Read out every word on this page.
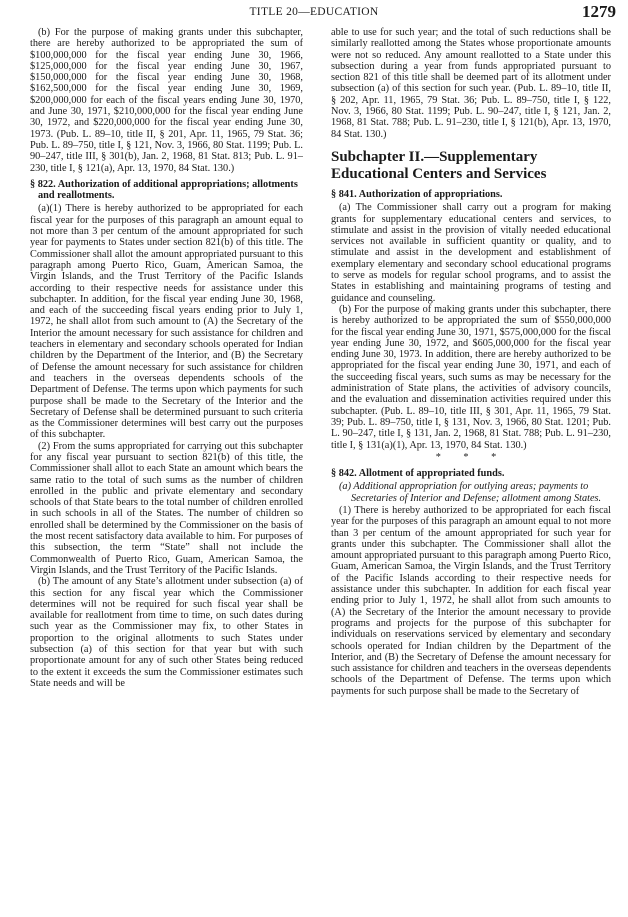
TITLE 20—EDUCATION	1279

(b) For the purpose of making grants under this subchapter, there are hereby authorized to be appropriated the sum of $100,000,000 for the fiscal year ending June 30, 1966, $125,000,000 for the fiscal year ending June 30, 1967, $150,000,000 for the fiscal year ending June 30, 1968, $162,500,000 for the fiscal year ending June 30, 1969, $200,000,000 for each of the fiscal years ending June 30, 1970, and June 30, 1971, $210,000,000 for the fiscal year ending June 30, 1972, and $220,000,000 for the fiscal year ending June 30, 1973. (Pub. L. 89–10, title II, § 201, Apr. 11, 1965, 79 Stat. 36; Pub. L. 89–750, title I, § 121, Nov. 3, 1966, 80 Stat. 1199; Pub. L. 90–247, title III, § 301(b), Jan. 2, 1968, 81 Stat. 813; Pub. L. 91–230, title I, § 121(a), Apr. 13, 1970, 84 Stat. 130.)

§ 822. Authorization of additional appropriations; allotments and reallotments.

(a)(1) There is hereby authorized to be appropriated for each fiscal year for the purposes of this paragraph an amount equal to not more than 3 per centum of the amount appropriated for such year for payments to States under section 821(b) of this title. The Commissioner shall allot the amount appropriated pursuant to this paragraph among Puerto Rico, Guam, American Samoa, the Virgin Islands, and the Trust Territory of the Pacific Islands according to their respective needs for assistance under this subchapter. In addition, for the fiscal year ending June 30, 1968, and each of the succeeding fiscal years ending prior to July 1, 1972, he shall allot from such amount to (A) the Secretary of the Interior the amount necessary for such assistance for children and teachers in elementary and secondary schools operated for Indian children by the Department of the Interior, and (B) the Secretary of Defense the amount necessary for such assistance for children and teachers in the overseas dependents schools of the Department of Defense. The terms upon which payments for such purpose shall be made to the Secretary of the Interior and the Secretary of Defense shall be determined pursuant to such criteria as the Commissioner determines will best carry out the purposes of this subchapter.

(2) From the sums appropriated for carrying out this subchapter for any fiscal year pursuant to section 821(b) of this title, the Commissioner shall allot to each State an amount which bears the same ratio to the total of such sums as the number of children enrolled in the public and private elementary and secondary schools of that State bears to the total number of children enrolled in such schools in all of the States. The number of children so enrolled shall be determined by the Commissioner on the basis of the most recent satisfactory data available to him. For purposes of this subsection, the term “State” shall not include the Commonwealth of Puerto Rico, Guam, American Samoa, the Virgin Islands, and the Trust Territory of the Pacific Islands.

(b) The amount of any State’s allotment under subsection (a) of this section for any fiscal year which the Commissioner determines will not be required for such fiscal year shall be available for reallotment from time to time, on such dates during such year as the Commissioner may fix, to other States in proportion to the original allotments to such States under subsection (a) of this section for that year but with such proportionate amount for any of such other States being reduced to the extent it exceeds the sum the Commissioner estimates such State needs and will be

able to use for such year; and the total of such reductions shall be similarly reallotted among the States whose proportionate amounts were not so reduced. Any amount reallotted to a State under this subsection during a year from funds appropriated pursuant to section 821 of this title shall be deemed part of its allotment under subsection (a) of this section for such year. (Pub. L. 89–10, title II, § 202, Apr. 11, 1965, 79 Stat. 36; Pub. L. 89–750, title I, § 122, Nov. 3, 1966, 80 Stat. 1199; Pub. L. 90–247, title I, § 121, Jan. 2, 1968, 81 Stat. 788; Pub. L. 91–230, title I, § 121(b), Apr. 13, 1970, 84 Stat. 130.)

Subchapter II.—Supplementary Educational Centers and Services
§ 841. Authorization of appropriations.

(a) The Commissioner shall carry out a program for making grants for supplementary educational centers and services, to stimulate and assist in the provision of vitally needed educational services not available in sufficient quantity or quality, and to stimulate and assist in the development and establishment of exemplary elementary and secondary school educational programs to serve as models for regular school programs, and to assist the States in establishing and maintaining programs of testing and guidance and counseling.

(b) For the purpose of making grants under this subchapter, there is hereby authorized to be appropriated the sum of $550,000,000 for the fiscal year ending June 30, 1971, $575,000,000 for the fiscal year ending June 30, 1972, and $605,000,000 for the fiscal year ending June 30, 1973. In addition, there are hereby authorized to be appropriated for the fiscal year ending June 30, 1971, and each of the succeeding fiscal years, such sums as may be necessary for the administration of State plans, the activities of advisory councils, and the evaluation and dissemination activities required under this subchapter. (Pub. L. 89–10, title III, § 301, Apr. 11, 1965, 79 Stat. 39; Pub. L. 89–750, title I, § 131, Nov. 3, 1966, 80 Stat. 1201; Pub. L. 90–247, title I, § 131, Jan. 2, 1968, 81 Stat. 788; Pub. L. 91–230, title I, § 131(a)(1), Apr. 13, 1970, 84 Stat. 130.)

* * *
§ 842. Allotment of appropriated funds.
(a) Additional appropriation for outlying areas; payments to Secretaries of Interior and Defense; allotment among States.

(1) There is hereby authorized to be appropriated for each fiscal year for the purposes of this paragraph an amount equal to not more than 3 per centum of the amount appropriated for such year for grants under this subchapter. The Commissioner shall allot the amount appropriated pursuant to this paragraph among Puerto Rico, Guam, American Samoa, the Virgin Islands, and the Trust Territory of the Pacific Islands according to their respective needs for assistance under this subchapter. In addition for each fiscal year ending prior to July 1, 1972, he shall allot from such amounts to (A) the Secretary of the Interior the amount necessary to provide programs and projects for the purpose of this subchapter for individuals on reservations serviced by elementary and secondary schools operated for Indian children by the Department of the Interior, and (B) the Secretary of Defense the amount necessary for such assistance for children and teachers in the overseas dependents schools of the Department of Defense. The terms upon which payments for such purpose shall be made to the Secretary of
